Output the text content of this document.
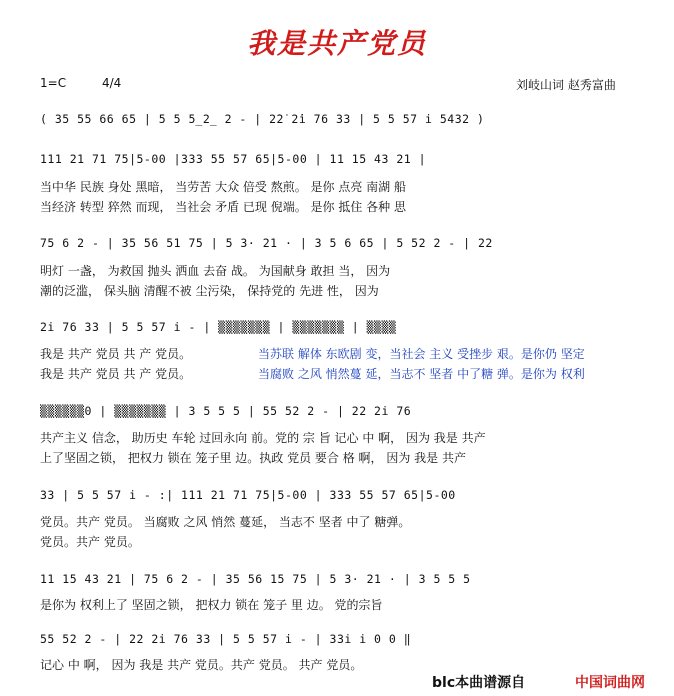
我是共产党员
1=C	4/4	刘岐山词 赵秀富曲
( 35 55 66 65 | 5 5 5̲2̲ 2 - | 2̇2̇ 2̇i 76 33 | 5 5 57 i 5432 )
111 21 71 75|5-00 |333 55 57 65|5-00 | 11 15 43 21 |
当中华 民族 身处 黑暗， 当劳苦 大众 倍受 熬煎。 是你 点亮 南湖 船
当经济 转型 猝然 而现， 当社会 矛盾 已现 倪端。 是你 抵住 各种 思
75 6 2 - | 35 56 51 75 | 5 3· 21 · | 3 5 6 65 | 5 52 2 - | 22
明灯 一盏， 为救国 抛头 洒血 去奋 战。 为国献身 敢担 当， 因为
潮的泛滥， 保头脑 清醒不被 尘污染， 保持党的 先进 性， 因为
2i 76 33 | 5 5 57 i - | ▒▒▒▒▒▒▒ | ▒▒▒▒▒▒▒ | ▒▒▒▒
我是 共产 党员 共 产 党员。	当苏联 解体 东欧剧 变，当社会 主义 受挫步 艰。是你仍 坚定
我是 共产 党员 共 产 党员。	当腐败 之风 悄然蔓 延，当志不 坚者 中了糖 弹。是你为 权利
▒▒▒▒▒▒0 | ▒▒▒▒▒▒▒ | 3 5 5 5 | 55 52 2 - | 22 2i 76
共产主义 信念， 助历史 车轮 过回永向 前。党的 宗 旨 记心 中 啊， 因为 我是 共产
上了坚固之锁， 把权力 锁在 笼子里 边。执政 党员 要合 格 啊， 因为 我是 共产
33 | 5 5 57 i - :| 111 21 71 75|5-00 | 333 55 57 65|5-00
党员。共产 党员。 当腐败 之风 悄然 蔓延， 当志不 坚者 中了 糖弹。
党员。共产 党员。
11 15 43 21 | 75 6 2 - | 35 56 15 75 | 5 3· 21 · | 3 5 5 5
是你为 权利上了 坚固之锁， 把权力 锁在 笼子 里 边。 党的宗旨
55 52 2 - | 22 2i 76 33 | 5 5 57 i - | 33i i 0 0 ‖
记心 中 啊， 因为 我是 共产 党员。共产 党员。 共产 党员。
blc本曲谱源自	中国词曲网
